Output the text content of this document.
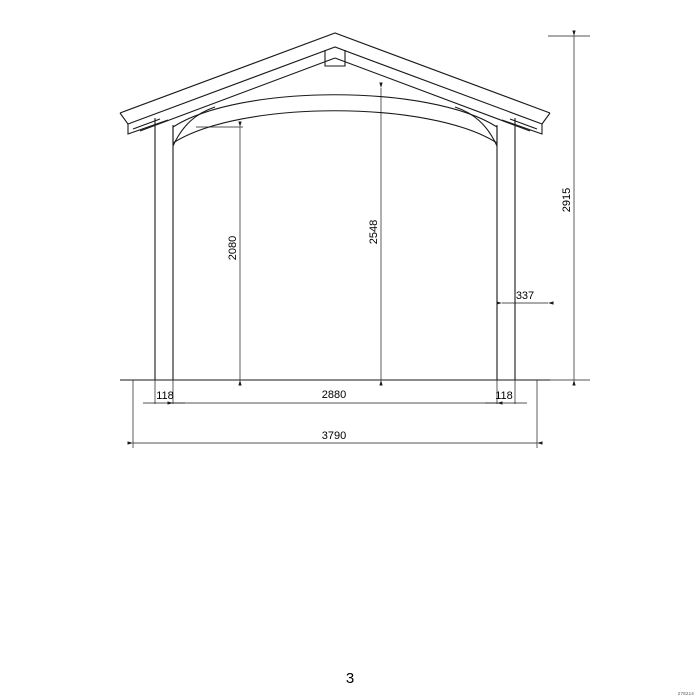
2915
2548
2080
337
118	118
2880
3790
3
278214
